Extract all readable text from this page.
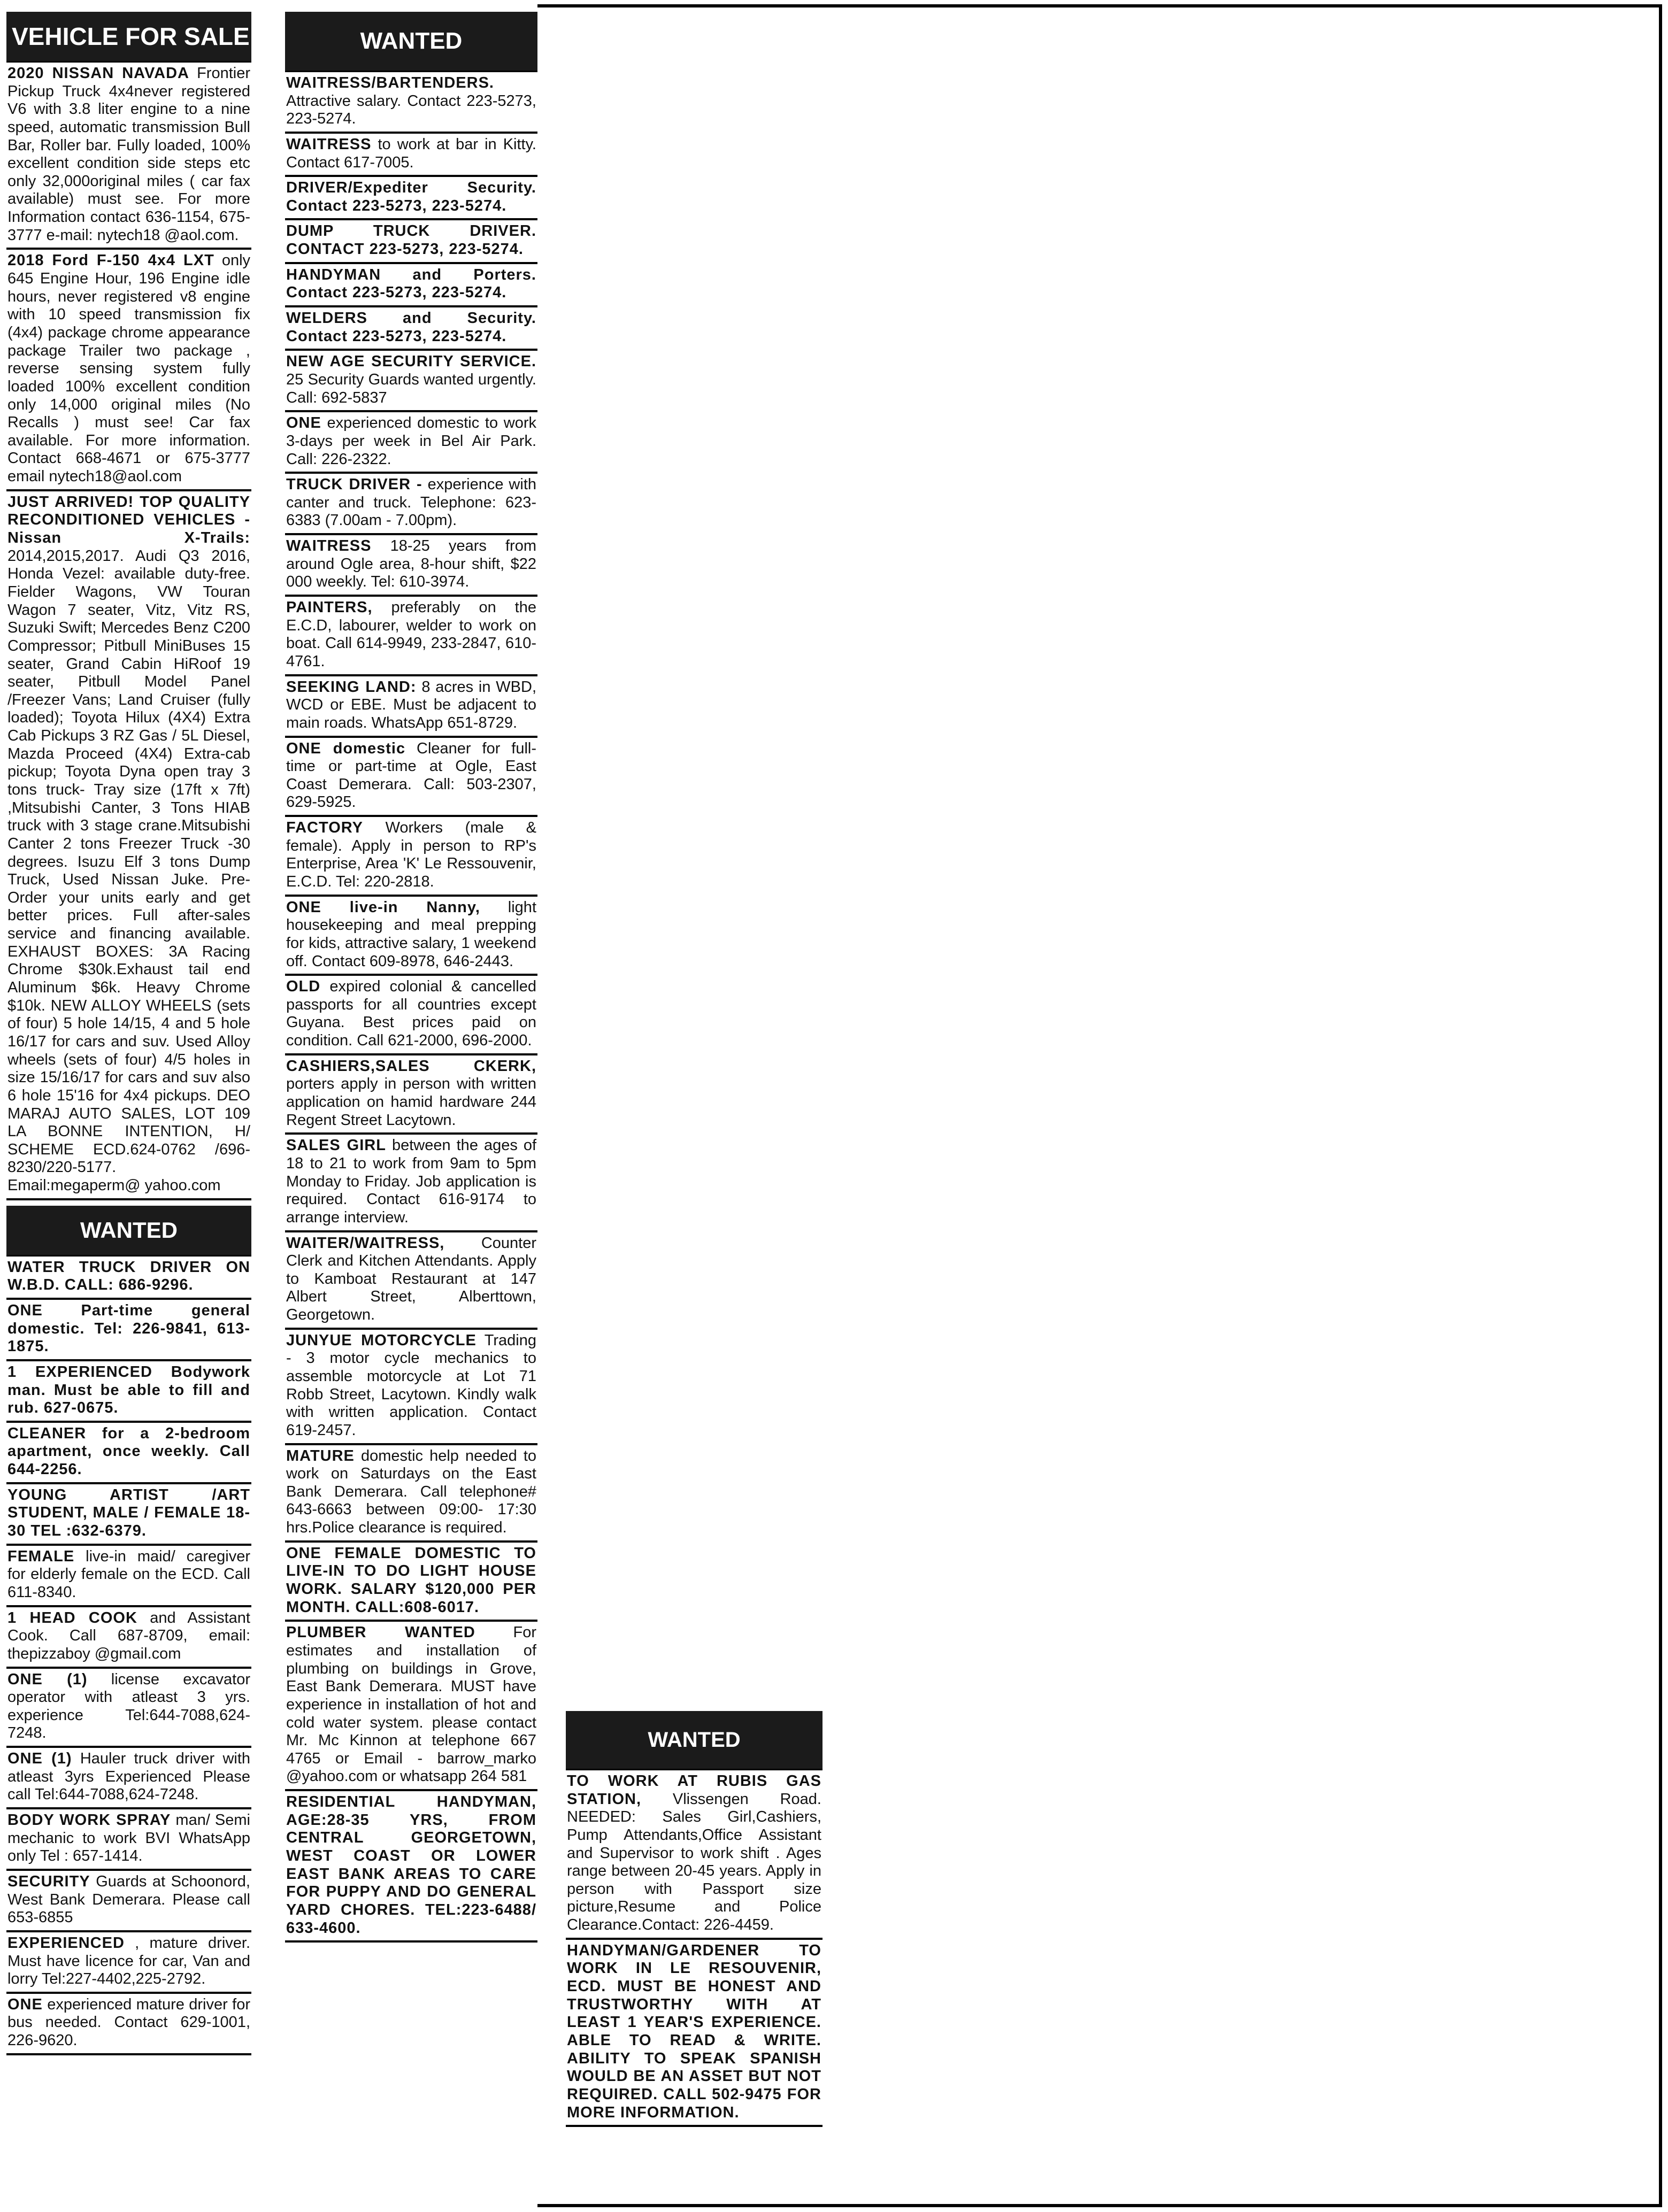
VEHICLE FOR SALE

2020 NISSAN NAVADA Frontier Pickup Truck 4x4never registered V6 with 3.8 liter engine to a nine speed, automatic transmission Bull Bar, Roller bar. Fully loaded, 100% excellent condition side steps etc only 32,000original miles ( car fax available) must see. For more Information contact 636-1154, 675-3777 e-mail: nytech18 @aol.com.

2018 Ford F-150 4x4 LXT only 645 Engine Hour, 196 Engine idle hours, never registered v8 engine with 10 speed transmission fix (4x4) package chrome appearance package Trailer two package , reverse sensing system fully loaded 100% excellent condition only 14,000 original miles (No Recalls ) must see! Car fax available. For more information. Contact 668-4671 or 675-3777 email nytech18@aol.com

JUST ARRIVED! TOP QUALITY RECONDITIONED VEHICLES - Nissan X-Trails: 2014,2015,2017. Audi Q3 2016, Honda Vezel: available duty-free. Fielder Wagons, VW Touran Wagon 7 seater, Vitz, Vitz RS, Suzuki Swift; Mercedes Benz C200 Compressor; Pitbull MiniBuses 15 seater, Grand Cabin HiRoof 19 seater, Pitbull Model Panel /Freezer Vans; Land Cruiser (fully loaded); Toyota Hilux (4X4) Extra Cab Pickups 3 RZ Gas / 5L Diesel, Mazda Proceed (4X4) Extra-cab pickup; Toyota Dyna open tray 3 tons truck- Tray size (17ft x 7ft) ,Mitsubishi Canter, 3 Tons HIAB truck with 3 stage crane.Mitsubishi Canter 2 tons Freezer Truck -30 degrees. Isuzu Elf 3 tons Dump Truck, Used Nissan Juke. Pre-Order your units early and get better prices. Full after-sales service and financing available. EXHAUST BOXES: 3A Racing Chrome $30k.Exhaust tail end Aluminum $6k. Heavy Chrome $10k. NEW ALLOY WHEELS (sets of four) 5 hole 14/15, 4 and 5 hole 16/17 for cars and suv. Used Alloy wheels (sets of four) 4/5 holes in size 15/16/17 for cars and suv also 6 hole 15'16 for 4x4 pickups. DEO MARAJ AUTO SALES, LOT 109 LA BONNE INTENTION, H/ SCHEME ECD.624-0762 /696-8230/220-5177. Email:megaperm@ yahoo.com

WANTED

WATER TRUCK DRIVER ON W.B.D. CALL: 686-9296.

ONE Part-time general domestic. Tel: 226-9841, 613-1875.

1 EXPERIENCED Bodywork man. Must be able to fill and rub. 627-0675.

CLEANER for a 2-bedroom apartment, once weekly. Call 644-2256.

YOUNG ARTIST /ART STUDENT, MALE / FEMALE 18-30 TEL :632-6379.

FEMALE live-in maid/ caregiver for elderly female on the ECD. Call 611-8340.

1 HEAD COOK and Assistant Cook. Call 687-8709, email: thepizzaboy @gmail.com

ONE (1) license excavator operator with atleast 3 yrs. experience Tel:644-7088,624-7248.

ONE (1) Hauler truck driver with atleast 3yrs Experienced Please call Tel:644-7088,624-7248.

BODY WORK SPRAY man/ Semi mechanic to work BVI WhatsApp only Tel : 657-1414.

SECURITY Guards at Schoonord, West Bank Demerara. Please call 653-6855

EXPERIENCED , mature driver. Must have licence for car, Van and lorry Tel:227-4402,225-2792.

ONE experienced mature driver for bus needed. Contact 629-1001, 226-9620.

WANTED

WAITRESS/BARTENDERS. Attractive salary. Contact 223-5273, 223-5274.

WAITRESS to work at bar in Kitty. Contact 617-7005.

DRIVER/Expediter Security. Contact 223-5273, 223-5274.

DUMP TRUCK DRIVER. CONTACT 223-5273, 223-5274.

HANDYMAN and Porters. Contact 223-5273, 223-5274.

WELDERS and Security. Contact 223-5273, 223-5274.

NEW AGE SECURITY SERVICE. 25 Security Guards wanted urgently. Call: 692-5837

ONE experienced domestic to work 3-days per week in Bel Air Park. Call: 226-2322.

TRUCK DRIVER - experience with canter and truck. Telephone: 623-6383 (7.00am - 7.00pm).

WAITRESS 18-25 years from around Ogle area, 8-hour shift, $22 000 weekly. Tel: 610-3974.

PAINTERS, preferably on the E.C.D, labourer, welder to work on boat. Call 614-9949, 233-2847, 610-4761.

SEEKING LAND: 8 acres in WBD, WCD or EBE. Must be adjacent to main roads. WhatsApp 651-8729.

ONE domestic Cleaner for full-time or part-time at Ogle, East Coast Demerara. Call: 503-2307, 629-5925.

FACTORY Workers (male & female). Apply in person to RP's Enterprise, Area 'K' Le Ressouvenir, E.C.D. Tel: 220-2818.

ONE live-in Nanny, light housekeeping and meal prepping for kids, attractive salary, 1 weekend off. Contact 609-8978, 646-2443.

OLD expired colonial & cancelled passports for all countries except Guyana. Best prices paid on condition. Call 621-2000, 696-2000.

CASHIERS,SALES CKERK, porters apply in person with written application on hamid hardware 244 Regent Street Lacytown.

SALES GIRL between the ages of 18 to 21 to work from 9am to 5pm Monday to Friday. Job application is required. Contact 616-9174 to arrange interview.

WAITER/WAITRESS, Counter Clerk and Kitchen Attendants. Apply to Kamboat Restaurant at 147 Albert Street, Alberttown, Georgetown.

JUNYUE MOTORCYCLE Trading - 3 motor cycle mechanics to assemble motorcycle at Lot 71 Robb Street, Lacytown. Kindly walk with written application. Contact 619-2457.

MATURE domestic help needed to work on Saturdays on the East Bank Demerara. Call telephone# 643-6663 between 09:00- 17:30 hrs.Police clearance is required.

ONE FEMALE DOMESTIC TO LIVE-IN TO DO LIGHT HOUSE WORK. SALARY $120,000 PER MONTH. CALL:608-6017.

PLUMBER WANTED For estimates and installation of plumbing on buildings in Grove, East Bank Demerara. MUST have experience in installation of hot and cold water system. please contact Mr. Mc Kinnon at telephone 667 4765 or Email - barrow_marko @yahoo.com or whatsapp 264 581

RESIDENTIAL HANDYMAN, AGE:28-35 YRS, FROM CENTRAL GEORGETOWN, WEST COAST OR LOWER EAST BANK AREAS TO CARE FOR PUPPY AND DO GENERAL YARD CHORES. TEL:223-6488/ 633-4600.

WANTED

TO WORK AT RUBIS GAS STATION, Vlissengen Road. NEEDED: Sales Girl,Cashiers, Pump Attendants,Office Assistant and Supervisor to work shift . Ages range between 20-45 years. Apply in person with Passport size picture,Resume and Police Clearance.Contact: 226-4459.

HANDYMAN/GARDENER TO WORK IN LE RESOUVENIR, ECD. MUST BE HONEST AND TRUSTWORTHY WITH AT LEAST 1 YEAR'S EXPERIENCE. ABLE TO READ & WRITE. ABILITY TO SPEAK SPANISH WOULD BE AN ASSET BUT NOT REQUIRED. CALL 502-9475 FOR MORE INFORMATION.
